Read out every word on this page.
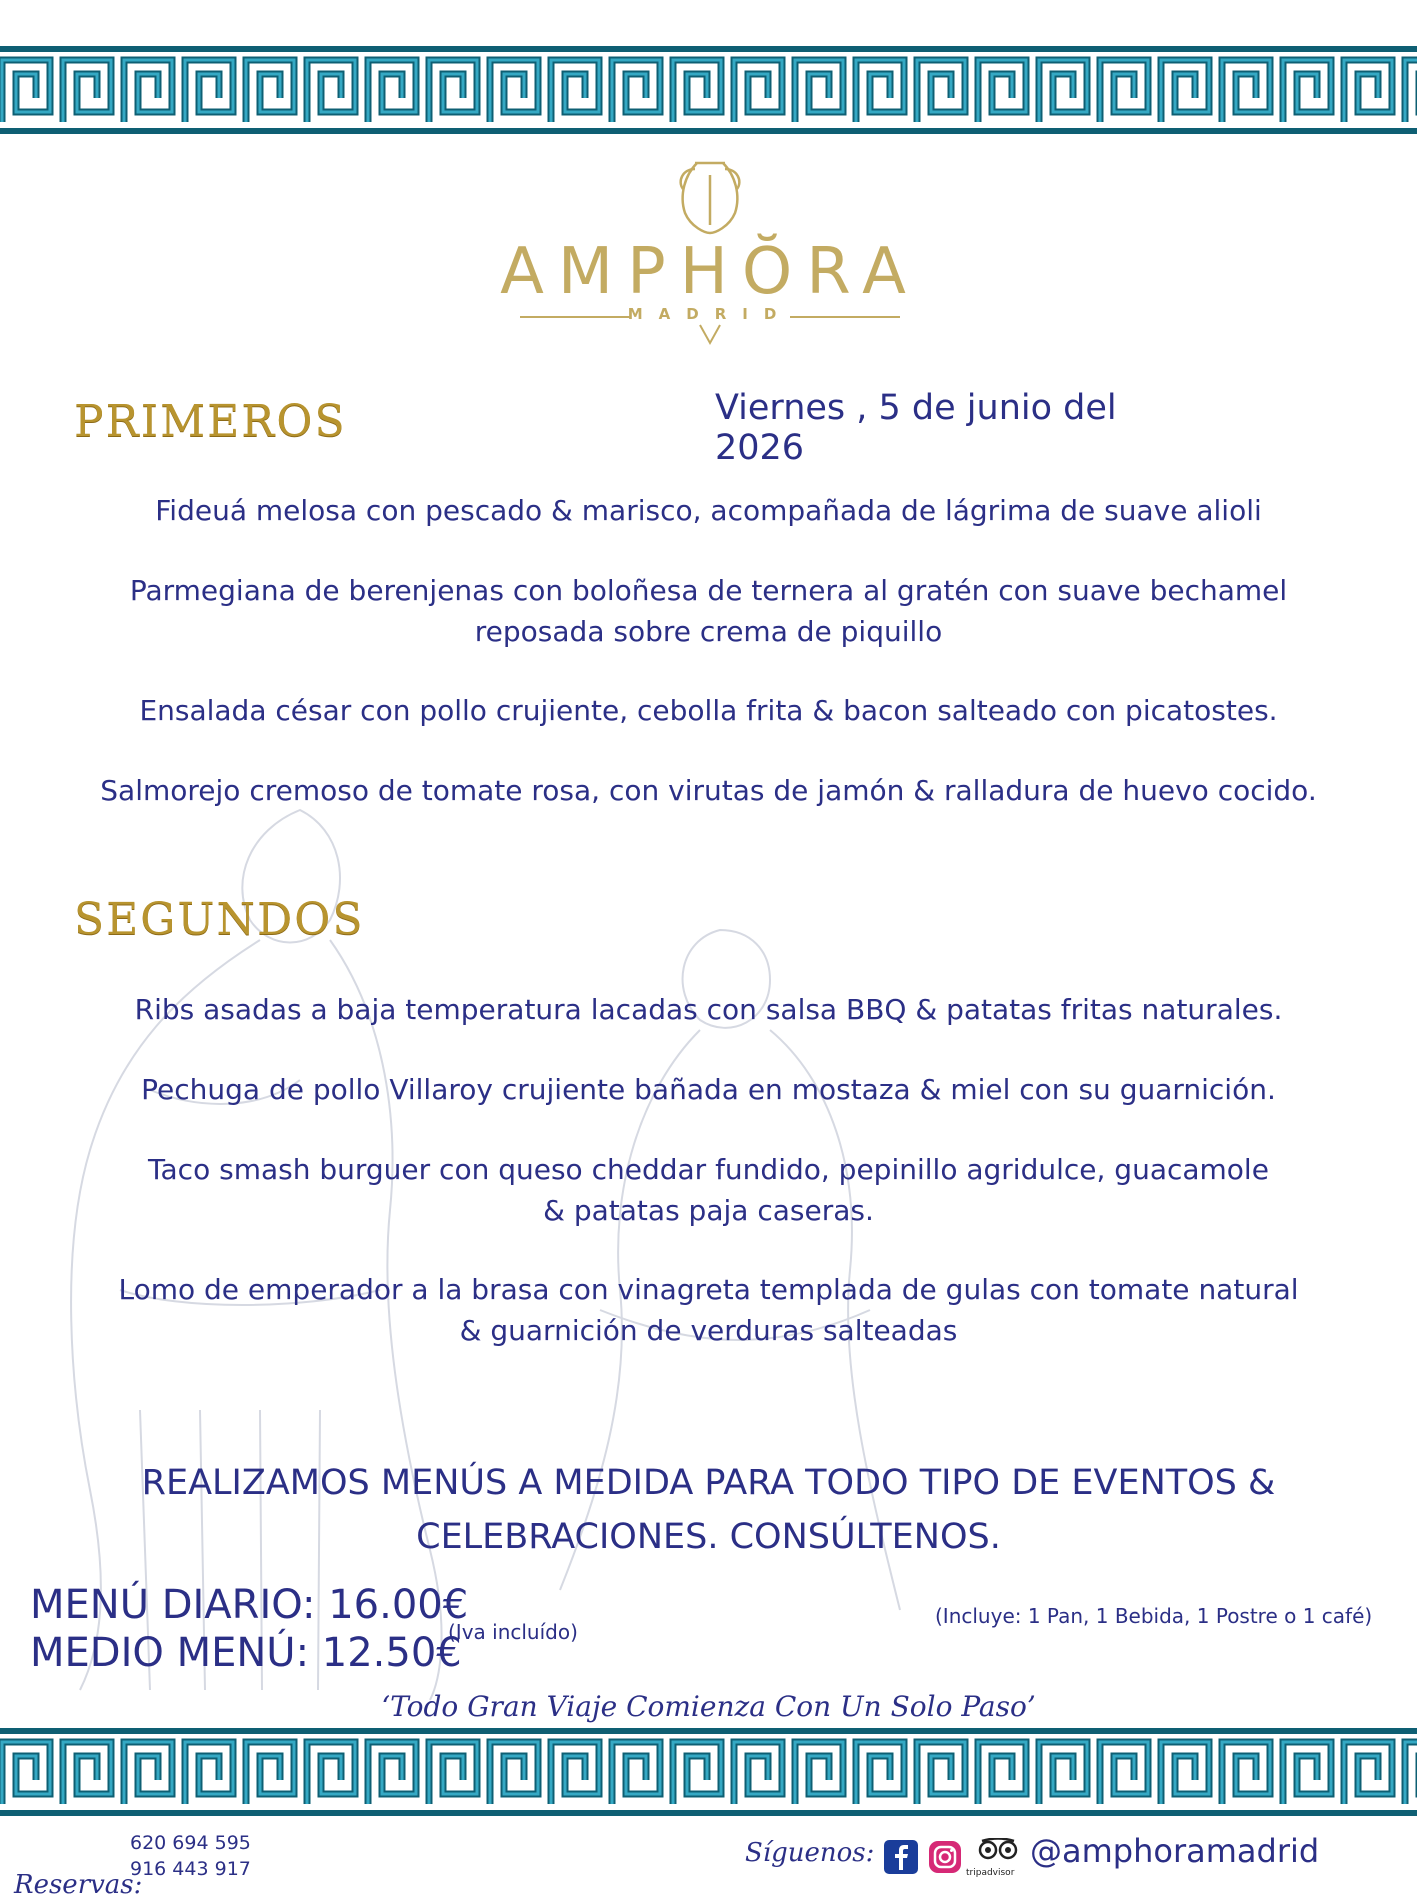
AMPHŎRA
MADRID
PRIMEROS	Viernes , 5 de junio del 2026
Fideuá melosa con pescado & marisco, acompañada de lágrima de suave alioli
Parmegiana de berenjenas con boloñesa de ternera al gratén con suave bechamel
reposada sobre crema de piquillo
Ensalada césar con pollo crujiente, cebolla frita & bacon salteado con picatostes.
Salmorejo cremoso de tomate rosa, con virutas de jamón & ralladura de huevo cocido.
SEGUNDOS
Ribs asadas a baja temperatura lacadas con salsa BBQ & patatas fritas naturales.
Pechuga de pollo Villaroy crujiente bañada en mostaza & miel con su guarnición.
Taco smash burguer con queso cheddar fundido, pepinillo agridulce, guacamole
& patatas paja caseras.
Lomo de emperador a la brasa con vinagreta templada de gulas con tomate natural
& guarnición de verduras salteadas
REALIZAMOS MENÚS A MEDIDA PARA TODO TIPO DE EVENTOS &
CELEBRACIONES. CONSÚLTENOS.
MENÚ DIARIO: 16.00€
MEDIO MENÚ: 12.50€
(Iva incluído)
(Incluye: 1 Pan, 1 Bebida, 1 Postre o 1 café)
‘Todo Gran Viaje Comienza Con Un Solo Paso’
Reservas:
620 694 595
916 443 917
Síguenos:
tripadvisor
@amphoramadrid
